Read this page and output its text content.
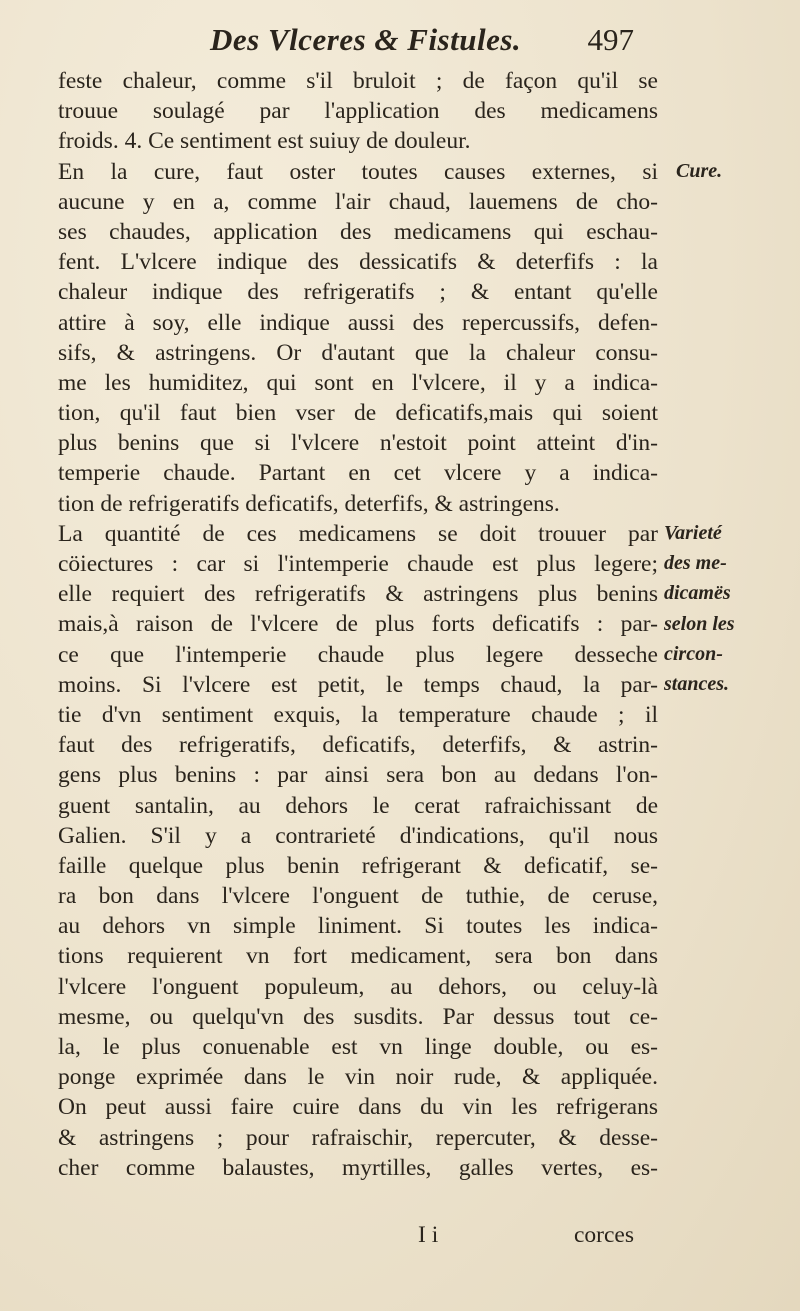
Des Vlceres & Fistules. 497
feste chaleur, comme s'il bruloit ; de façon qu'il se
trouue soulagé par l'application des medicamens
froids. 4. Ce sentiment est suiuy de douleur.
En la cure, faut oster toutes causes externes, si
aucune y en a, comme l'air chaud, lauemens de cho-
ses chaudes, application des medicamens qui eschau-
fent. L'vlcere indique des dessicatifs & deterfifs : la
chaleur indique des refrigeratifs ; & entant qu'elle
attire à soy, elle indique aussi des repercussifs, defen-
sifs, & astringens. Or d'autant que la chaleur consu-
me les humiditez, qui sont en l'vlcere, il y a indica-
tion, qu'il faut bien vser de deficatifs,mais qui soient
plus benins que si l'vlcere n'estoit point atteint d'in-
temperie chaude. Partant en cet vlcere y a indica-
tion de refrigeratifs deficatifs, deterfifs, & astringens.
La quantité de ces medicamens se doit trouuer par
cöiectures : car si l'intemperie chaude est plus legere;
elle requiert des refrigeratifs & astringens plus benins
mais,à raison de l'vlcere de plus forts deficatifs : par-
ce que l'intemperie chaude plus legere desseche
moins. Si l'vlcere est petit, le temps chaud, la par-
tie d'vn sentiment exquis, la temperature chaude ; il
faut des refrigeratifs, deficatifs, deterfifs, & astrin-
gens plus benins : par ainsi sera bon au dedans l'on-
guent santalin, au dehors le cerat rafraichissant de
Galien. S'il y a contrarieté d'indications, qu'il nous
faille quelque plus benin refrigerant & deficatif, se-
ra bon dans l'vlcere l'onguent de tuthie, de ceruse,
au dehors vn simple liniment. Si toutes les indica-
tions requierent vn fort medicament, sera bon dans
l'vlcere l'onguent populeum, au dehors, ou celuy-là
mesme, ou quelqu'vn des susdits. Par dessus tout ce-
la, le plus conuenable est vn linge double, ou es-
ponge exprimée dans le vin noir rude, & appliquée.
On peut aussi faire cuire dans du vin les refrigerans
& astringens ; pour rafraischir, repercuter, & desse-
cher comme balaustes, myrtilles, galles vertes, es-
Cure.
Varieté
des me-
dicamës
selon les
circon-
stances.
I i	corces
